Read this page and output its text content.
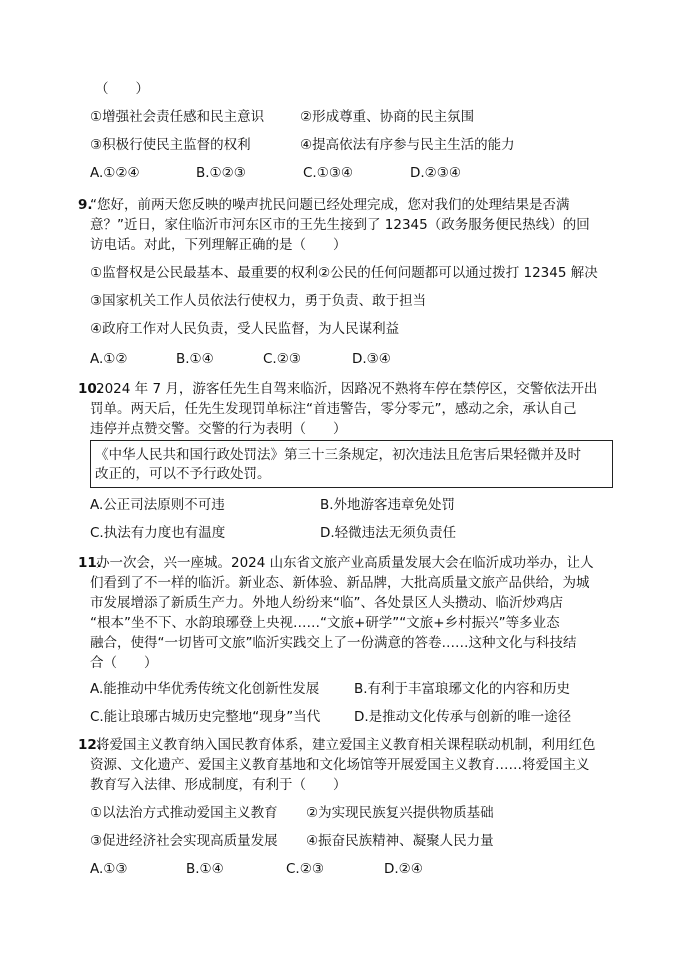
（　　）
①增强社会责任感和民主意识	②形成尊重、协商的民主氛围
③积极行使民主监督的权利	④提高依法有序参与民主生活的能力
A.①②④	B.①②③	C.①③④	D.②③④
9.
“您好，前两天您反映的噪声扰民问题已经处理完成，您对我们的处理结果是否满
意？”近日，家住临沂市河东区市的王先生接到了 12345（政务服务便民热线）的回
访电话。对此，下列理解正确的是（　　）
①监督权是公民最基本、最重要的权利②公民的任何问题都可以通过拨打 12345 解决
③国家机关工作人员依法行使权力，勇于负责、敢于担当
④政府工作对人民负责，受人民监督，为人民谋利益
A.①②	B.①④	C.②③	D.③④
10.
2024 年 7 月，游客任先生自驾来临沂，因路况不熟将车停在禁停区，交警依法开出
罚单。两天后，任先生发现罚单标注“首违警告，零分零元”，感动之余，承认自己
违停并点赞交警。交警的行为表明（　　）
《中华人民共和国行政处罚法》第三十三条规定，初次违法且危害后果轻微并及时
改正的，可以不予行政处罚。
A.公正司法原则不可违	B.外地游客违章免处罚
C.执法有力度也有温度	D.轻微违法无须负责任
11.
办一次会，兴一座城。2024 山东省文旅产业高质量发展大会在临沂成功举办，让人
们看到了不一样的临沂。新业态、新体验、新品牌，大批高质量文旅产品供给，为城
市发展增添了新质生产力。外地人纷纷来“临”、各处景区人头攒动、临沂炒鸡店
“根本”坐不下、水韵琅琊登上央视……“文旅+研学”“文旅+乡村振兴”等多业态
融合，使得“一切皆可文旅”临沂实践交上了一份满意的答卷……这种文化与科技结
合（　　）
A.能推动中华优秀传统文化创新性发展	B.有利于丰富琅琊文化的内容和历史
C.能让琅琊古城历史完整地“现身”当代	D.是推动文化传承与创新的唯一途径
12.
将爱国主义教育纳入国民教育体系，建立爱国主义教育相关课程联动机制，利用红色
资源、文化遗产、爱国主义教育基地和文化场馆等开展爱国主义教育……将爱国主义
教育写入法律、形成制度，有利于（　　）
①以法治方式推动爱国主义教育 ②为实现民族复兴提供物质基础
③促进经济社会实现高质量发展 ④振奋民族精神、凝聚人民力量
A.①③	B.①④	C.②③	D.②④
